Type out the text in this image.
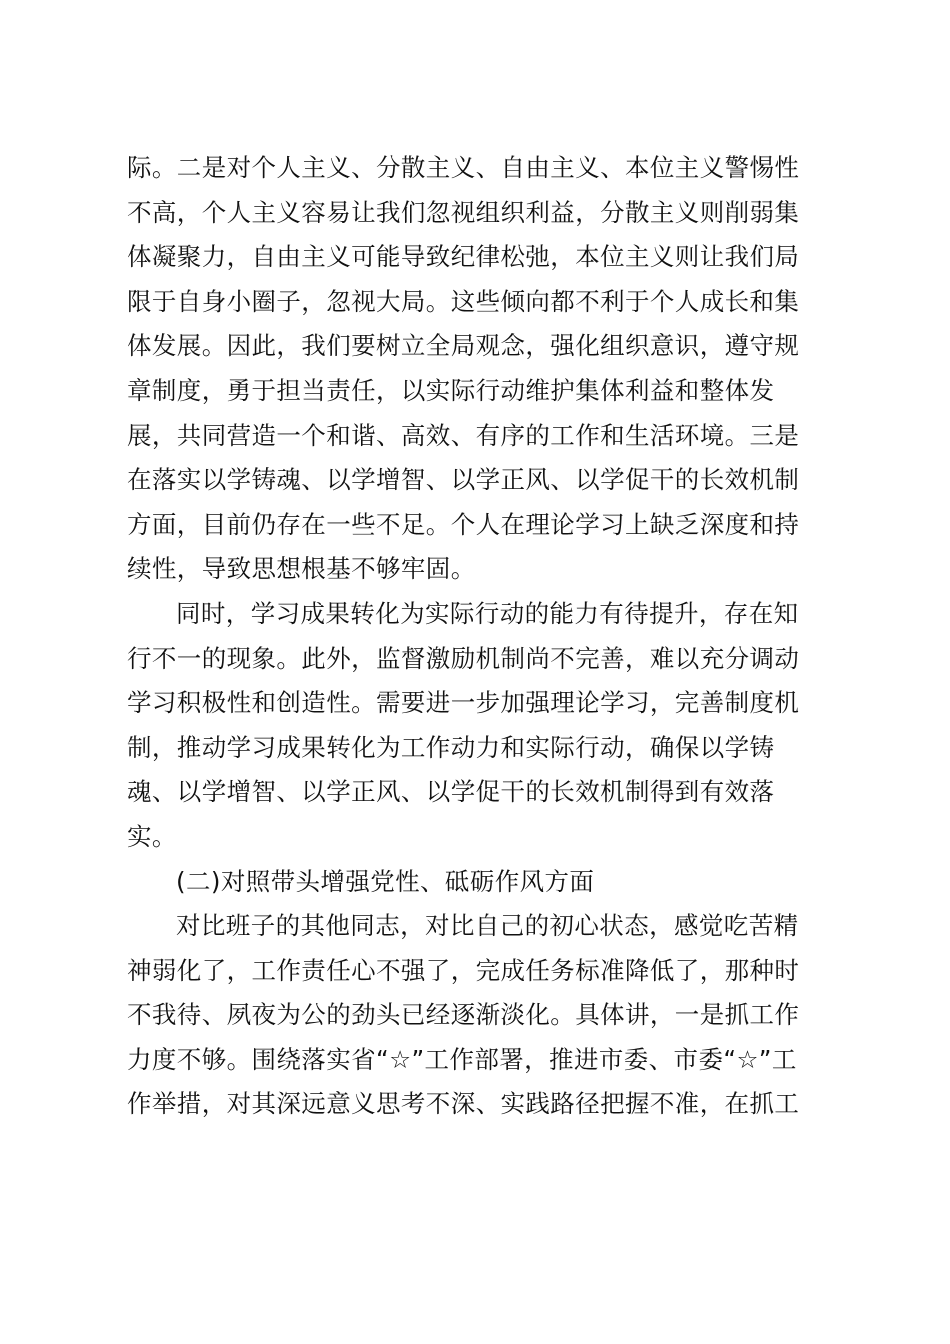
际。二是对个人主义、分散主义、自由主义、本位主义警惕性
不高，个人主义容易让我们忽视组织利益，分散主义则削弱集
体凝聚力，自由主义可能导致纪律松弛，本位主义则让我们局
限于自身小圈子，忽视大局。这些倾向都不利于个人成长和集
体发展。因此，我们要树立全局观念，强化组织意识，遵守规
章制度，勇于担当责任，以实际行动维护集体利益和整体发
展，共同营造一个和谐、高效、有序的工作和生活环境。三是
在落实以学铸魂、以学增智、以学正风、以学促干的长效机制
方面，目前仍存在一些不足。个人在理论学习上缺乏深度和持
续性，导致思想根基不够牢固。
同时，学习成果转化为实际行动的能力有待提升，存在知
行不一的现象。此外，监督激励机制尚不完善，难以充分调动
学习积极性和创造性。需要进一步加强理论学习，完善制度机
制，推动学习成果转化为工作动力和实际行动，确保以学铸
魂、以学增智、以学正风、以学促干的长效机制得到有效落
实。
(二)对照带头增强党性、砥砺作风方面
对比班子的其他同志，对比自己的初心状态，感觉吃苦精
神弱化了，工作责任心不强了，完成任务标准降低了，那种时
不我待、夙夜为公的劲头已经逐渐淡化。具体讲，一是抓工作
力度不够。围绕落实省“☆”工作部署，推进市委、市委“☆”工
作举措，对其深远意义思考不深、实践路径把握不准，在抓工
